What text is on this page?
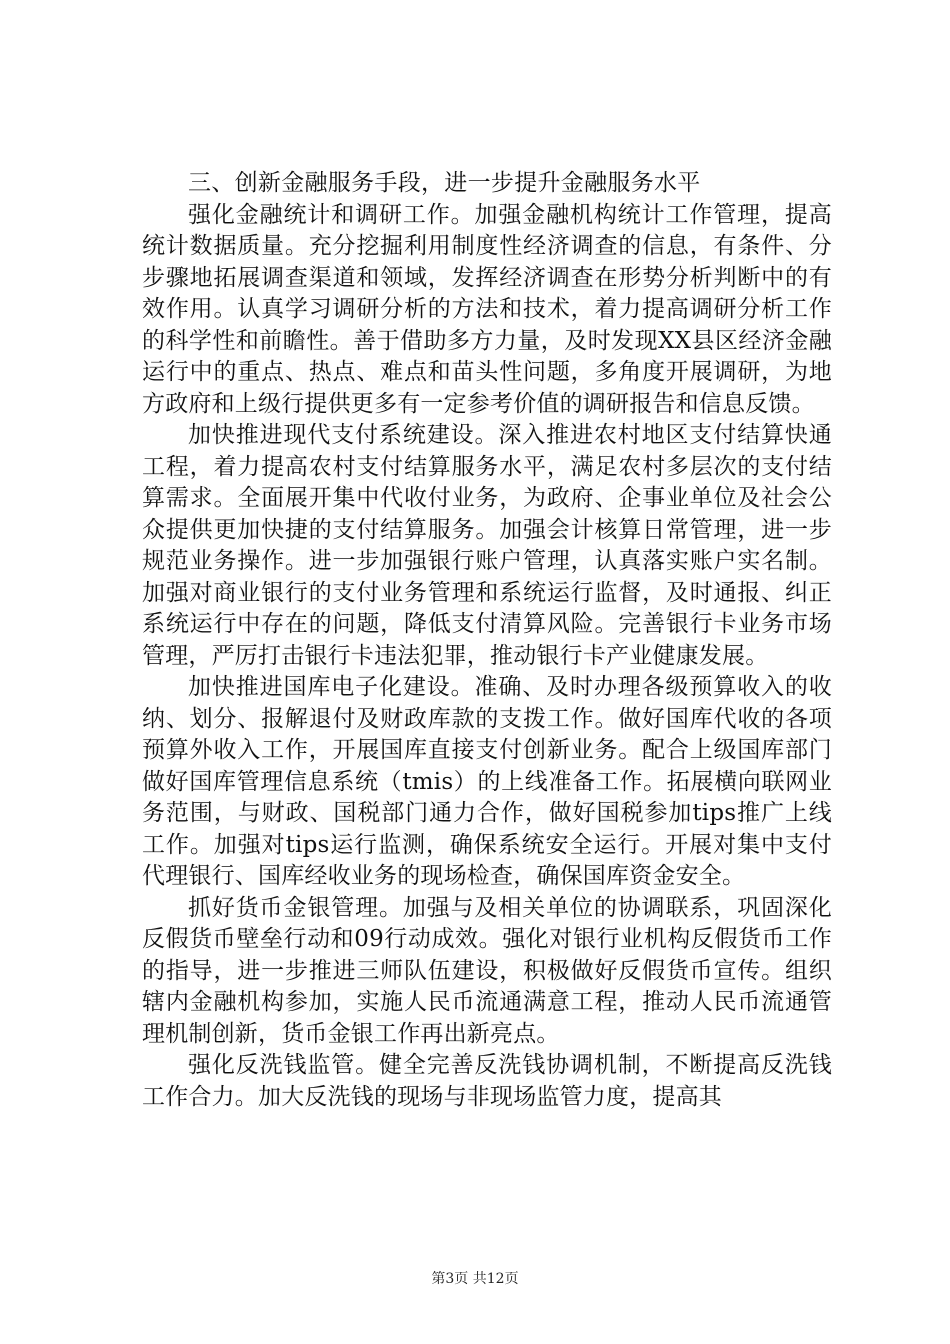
三、创新金融服务手段，进一步提升金融服务水平

强化金融统计和调研工作。加强金融机构统计工作管理，提高统计数据质量。充分挖掘利用制度性经济调查的信息，有条件、分步骤地拓展调查渠道和领域，发挥经济调查在形势分析判断中的有效作用。认真学习调研分析的方法和技术，着力提高调研分析工作的科学性和前瞻性。善于借助多方力量，及时发现XX县区经济金融运行中的重点、热点、难点和苗头性问题，多角度开展调研，为地方政府和上级行提供更多有一定参考价值的调研报告和信息反馈。

加快推进现代支付系统建设。深入推进农村地区支付结算快通工程，着力提高农村支付结算服务水平，满足农村多层次的支付结算需求。全面展开集中代收付业务，为政府、企事业单位及社会公众提供更加快捷的支付结算服务。加强会计核算日常管理，进一步规范业务操作。进一步加强银行账户管理，认真落实账户实名制。加强对商业银行的支付业务管理和系统运行监督，及时通报、纠正系统运行中存在的问题，降低支付清算风险。完善银行卡业务市场管理，严厉打击银行卡违法犯罪，推动银行卡产业健康发展。

加快推进国库电子化建设。准确、及时办理各级预算收入的收纳、划分、报解退付及财政库款的支拨工作。做好国库代收的各项预算外收入工作，开展国库直接支付创新业务。配合上级国库部门做好国库管理信息系统（tmis）的上线准备工作。拓展横向联网业务范围，与财政、国税部门通力合作，做好国税参加tips推广上线工作。加强对tips运行监测，确保系统安全运行。开展对集中支付代理银行、国库经收业务的现场检查，确保国库资金安全。

抓好货币金银管理。加强与及相关单位的协调联系，巩固深化反假货币壁垒行动和09行动成效。强化对银行业机构反假货币工作的指导，进一步推进三师队伍建设，积极做好反假货币宣传。组织辖内金融机构参加，实施人民币流通满意工程，推动人民币流通管理机制创新，货币金银工作再出新亮点。

强化反洗钱监管。健全完善反洗钱协调机制，不断提高反洗钱工作合力。加大反洗钱的现场与非现场监管力度，提高其

第3页 共12页
